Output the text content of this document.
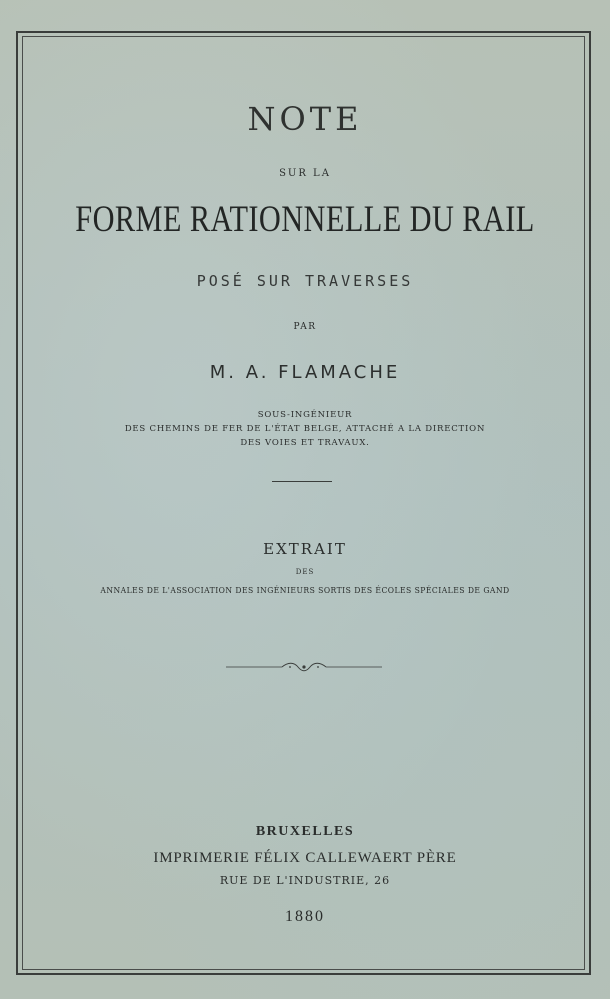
NOTE
SUR LA
FORME RATIONNELLE DU RAIL
POSÉ SUR TRAVERSES
PAR
M. A. FLAMACHE
SOUS-INGÉNIEUR
DES CHEMINS DE FER DE L'ÉTAT BELGE, ATTACHÉ A LA DIRECTION
DES VOIES ET TRAVAUX.
EXTRAIT
DES
ANNALES DE L'ASSOCIATION DES INGÉNIEURS SORTIS DES ÉCOLES SPÉCIALES DE GAND
BRUXELLES
IMPRIMERIE FÉLIX CALLEWAERT PÈRE
RUE DE L'INDUSTRIE, 26
1880
